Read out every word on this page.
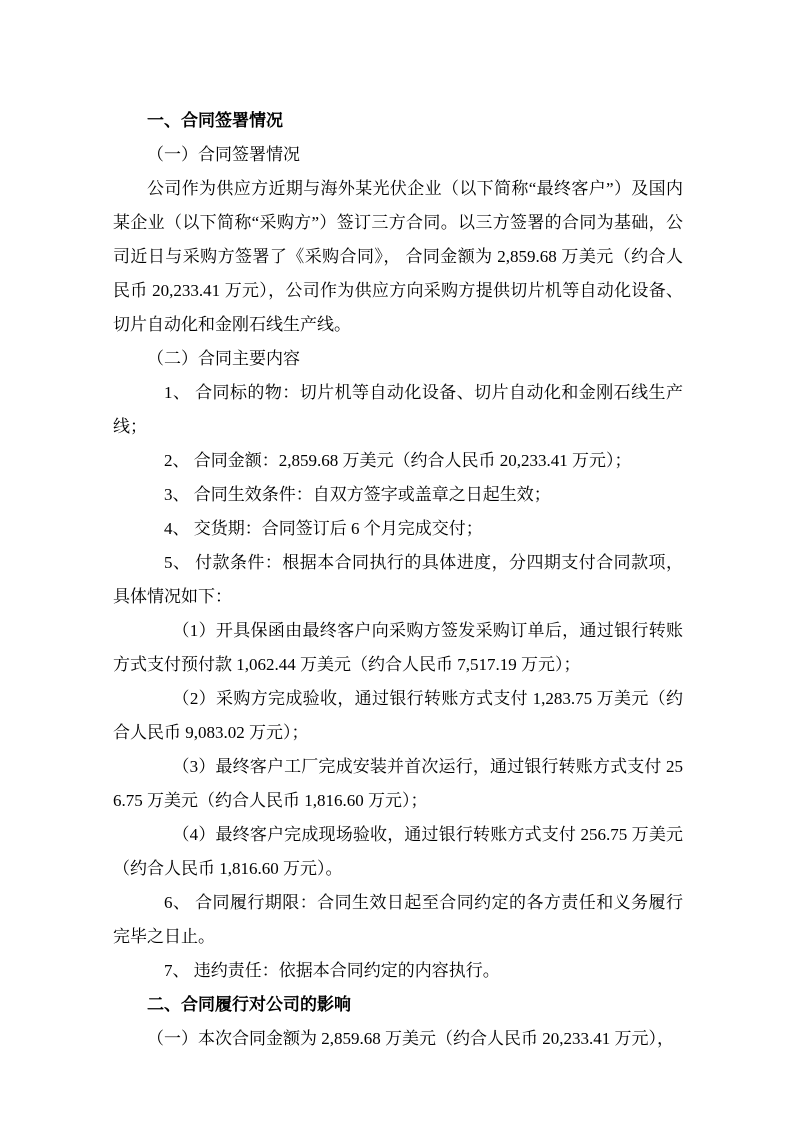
一、合同签署情况

（一）合同签署情况

公司作为供应方近期与海外某光伏企业（以下简称“最终客户”）及国内某企业（以下简称“采购方”）签订三方合同。以三方签署的合同为基础，公司近日与采购方签署了《采购合同》， 合同金额为 2,859.68 万美元（约合人民币 20,233.41 万元），公司作为供应方向采购方提供切片机等自动化设备、切片自动化和金刚石线生产线。

（二）合同主要内容

1、 合同标的物：切片机等自动化设备、切片自动化和金刚石线生产线；

2、 合同金额：2,859.68 万美元（约合人民币 20,233.41 万元）；

3、 合同生效条件：自双方签字或盖章之日起生效；

4、 交货期：合同签订后 6 个月完成交付；

5、 付款条件：根据本合同执行的具体进度，分四期支付合同款项，具体情况如下：

（1）开具保函由最终客户向采购方签发采购订单后，通过银行转账方式支付预付款 1,062.44 万美元（约合人民币 7,517.19 万元）；

（2）采购方完成验收，通过银行转账方式支付 1,283.75 万美元（约合人民币 9,083.02 万元）；

（3）最终客户工厂完成安装并首次运行，通过银行转账方式支付 256.75 万美元（约合人民币 1,816.60 万元）；

（4）最终客户完成现场验收，通过银行转账方式支付 256.75 万美元（约合人民币 1,816.60 万元）。

6、 合同履行期限：合同生效日起至合同约定的各方责任和义务履行完毕之日止。

7、 违约责任：依据本合同约定的内容执行。

二、合同履行对公司的影响

（一）本次合同金额为 2,859.68 万美元（约合人民币 20,233.41 万元），
